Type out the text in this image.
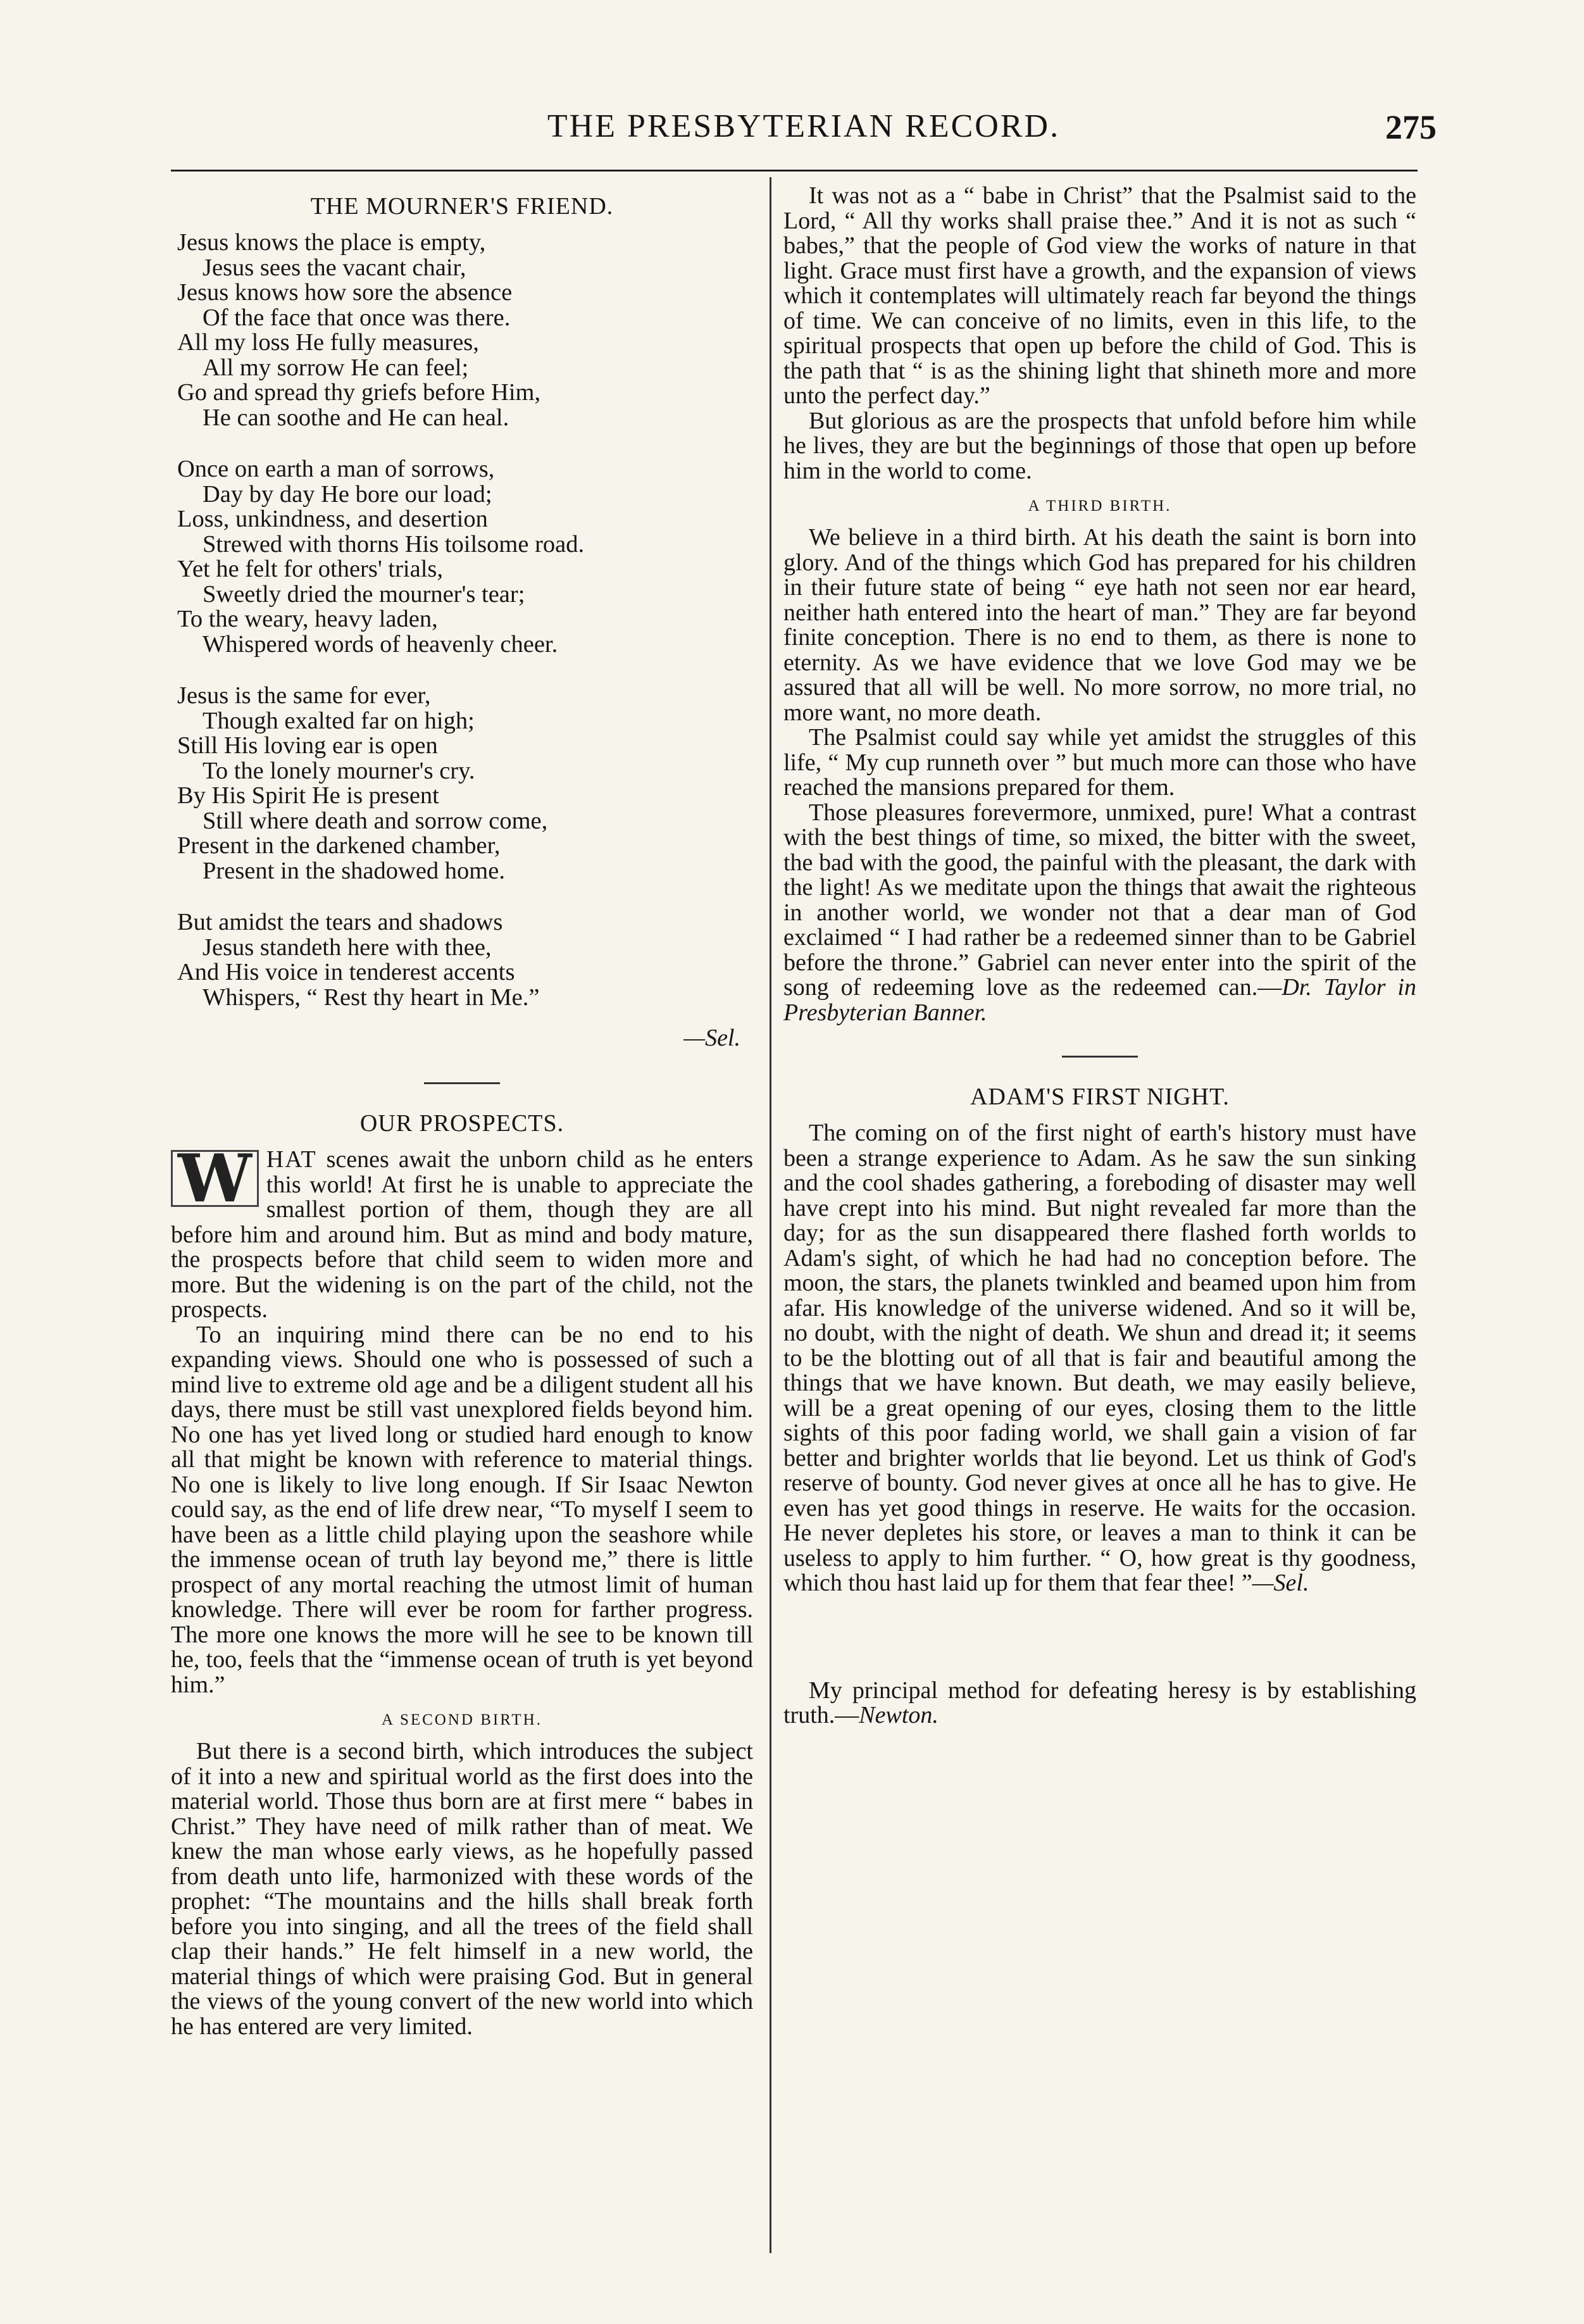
THE PRESBYTERIAN RECORD.	275
THE MOURNER'S FRIEND.
Jesus knows the place is empty,
Jesus sees the vacant chair,
Jesus knows how sore the absence
Of the face that once was there.
All my loss He fully measures,
All my sorrow He can feel;
Go and spread thy griefs before Him,
He can soothe and He can heal.
Once on earth a man of sorrows,
Day by day He bore our load;
Loss, unkindness, and desertion
Strewed with thorns His toilsome road.
Yet he felt for others' trials,
Sweetly dried the mourner's tear;
To the weary, heavy laden,
Whispered words of heavenly cheer.
Jesus is the same for ever,
Though exalted far on high;
Still His loving ear is open
To the lonely mourner's cry.
By His Spirit He is present
Still where death and sorrow come,
Present in the darkened chamber,
Present in the shadowed home.
But amidst the tears and shadows
Jesus standeth here with thee,
And His voice in tenderest accents
Whispers, “ Rest thy heart in Me.”
—Sel.
OUR PROSPECTS.

W HAT scenes await the unborn child as he enters this world! At first he is unable to appreciate the smallest portion of them, though they are all before him and around him. But as mind and body mature, the prospects before that child seem to widen more and more. But the widening is on the part of the child, not the prospects.

To an inquiring mind there can be no end to his expanding views. Should one who is possessed of such a mind live to extreme old age and be a diligent student all his days, there must be still vast unexplored fields beyond him. No one has yet lived long or studied hard enough to know all that might be known with reference to material things. No one is likely to live long enough. If Sir Isaac Newton could say, as the end of life drew near, “To myself I seem to have been as a little child playing upon the seashore while the immense ocean of truth lay beyond me,” there is little prospect of any mortal reaching the utmost limit of human knowledge. There will ever be room for farther progress. The more one knows the more will he see to be known till he, too, feels that the “immense ocean of truth is yet beyond him.”

A SECOND BIRTH.

But there is a second birth, which introduces the subject of it into a new and spiritual world as the first does into the material world. Those thus born are at first mere “ babes in Christ.” They have need of milk rather than of meat. We knew the man whose early views, as he hopefully passed from death unto life, harmonized with these words of the prophet: “The mountains and the hills shall break forth before you into singing, and all the trees of the field shall clap their hands.” He felt himself in a new world, the material things of which were praising God. But in general the views of the young convert of the new world into which he has entered are very limited.

It was not as a “ babe in Christ” that the Psalmist said to the Lord, “ All thy works shall praise thee.” And it is not as such “ babes,” that the people of God view the works of nature in that light. Grace must first have a growth, and the expansion of views which it contemplates will ultimately reach far beyond the things of time. We can conceive of no limits, even in this life, to the spiritual prospects that open up before the child of God. This is the path that “ is as the shining light that shineth more and more unto the perfect day.”

But glorious as are the prospects that unfold before him while he lives, they are but the beginnings of those that open up before him in the world to come.

A THIRD BIRTH.

We believe in a third birth. At his death the saint is born into glory. And of the things which God has prepared for his children in their future state of being “ eye hath not seen nor ear heard, neither hath entered into the heart of man.” They are far beyond finite conception. There is no end to them, as there is none to eternity. As we have evidence that we love God may we be assured that all will be well. No more sorrow, no more trial, no more want, no more death.

The Psalmist could say while yet amidst the struggles of this life, “ My cup runneth over ” but much more can those who have reached the mansions prepared for them.

Those pleasures forevermore, unmixed, pure! What a contrast with the best things of time, so mixed, the bitter with the sweet, the bad with the good, the painful with the pleasant, the dark with the light! As we meditate upon the things that await the righteous in another world, we wonder not that a dear man of God exclaimed “ I had rather be a redeemed sinner than to be Gabriel before the throne.” Gabriel can never enter into the spirit of the song of redeeming love as the redeemed can.—Dr. Taylor in Presbyterian Banner.

ADAM'S FIRST NIGHT.

The coming on of the first night of earth's history must have been a strange experience to Adam. As he saw the sun sinking and the cool shades gathering, a foreboding of disaster may well have crept into his mind. But night revealed far more than the day; for as the sun disappeared there flashed forth worlds to Adam's sight, of which he had had no conception before. The moon, the stars, the planets twinkled and beamed upon him from afar. His knowledge of the universe widened. And so it will be, no doubt, with the night of death. We shun and dread it; it seems to be the blotting out of all that is fair and beautiful among the things that we have known. But death, we may easily believe, will be a great opening of our eyes, closing them to the little sights of this poor fading world, we shall gain a vision of far better and brighter worlds that lie beyond. Let us think of God's reserve of bounty. God never gives at once all he has to give. He even has yet good things in reserve. He waits for the occasion. He never depletes his store, or leaves a man to think it can be useless to apply to him further. “ O, how great is thy goodness, which thou hast laid up for them that fear thee! ”—Sel.

My principal method for defeating heresy is by establishing truth.—Newton.
